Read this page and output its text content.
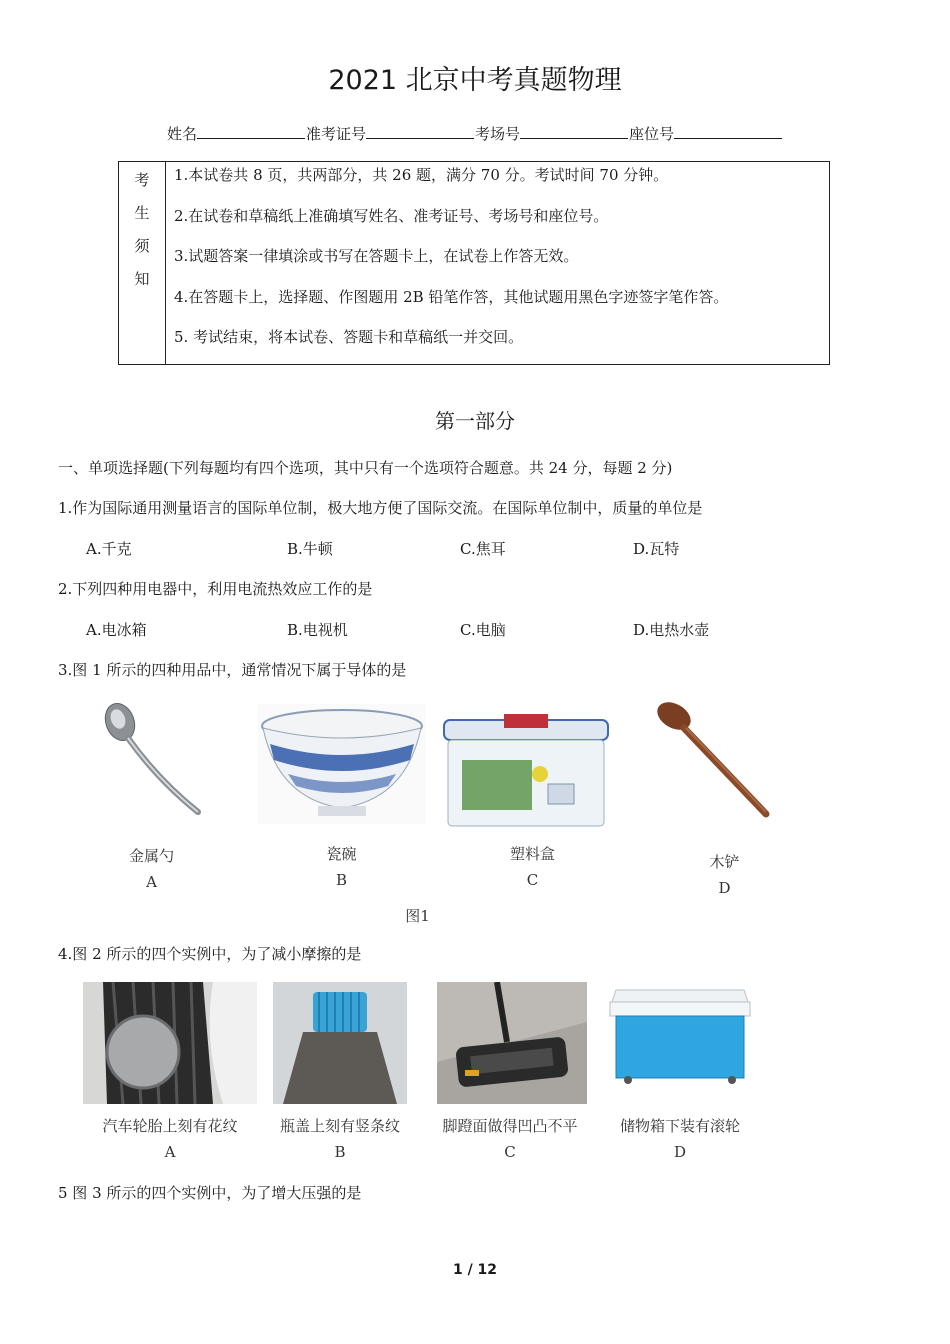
2021 北京中考真题物理
姓名	准考证号	考场号	座位号
考
生
须
知
1.本试卷共 8 页，共两部分，共 26 题，满分 70 分。考试时间 70 分钟。
2.在试卷和草稿纸上准确填写姓名、准考证号、考场号和座位号。
3.试题答案一律填涂或书写在答题卡上，在试卷上作答无效。
4.在答题卡上，选择题、作图题用 2B 铅笔作答，其他试题用黑色字迹签字笔作答。
5. 考试结束，将本试卷、答题卡和草稿纸一并交回。
第一部分
一、单项选择题(下列每题均有四个选项，其中只有一个选项符合题意。共 24 分，每题 2 分)
1.作为国际通用测量语言的国际单位制，极大地方便了国际交流。在国际单位制中，质量的单位是
A.千克	B.牛顿	C.焦耳	D.瓦特
2.下列四种用电器中，利用电流热效应工作的是
A.电冰箱	B.电视机	C.电脑	D.电热水壶
3.图 1 所示的四种用品中，通常情况下属于导体的是
金属勺	瓷碗	塑料盒	木铲
A	B	C	D
图1
4.图 2 所示的四个实例中，为了减小摩擦的是
汽车轮胎上刻有花纹	瓶盖上刻有竖条纹	脚蹬面做得凹凸不平	储物箱下装有滚轮
A	B	C	D
5 图 3 所示的四个实例中，为了增大压强的是
1 / 12
